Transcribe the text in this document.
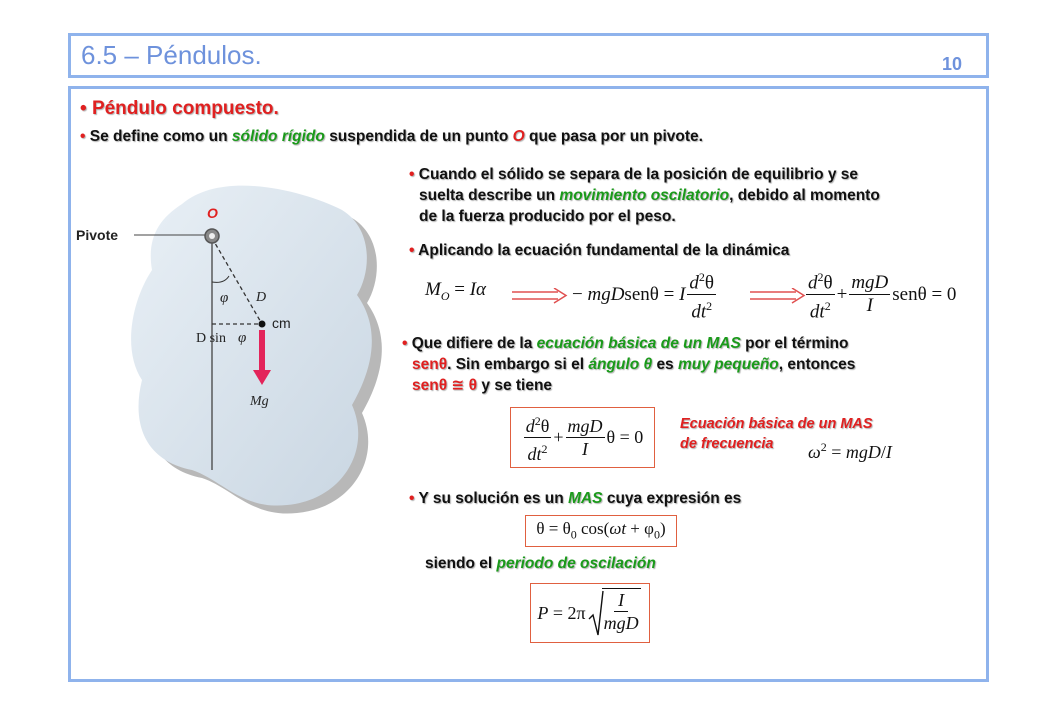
6.5 – Péndulos.	10
• Péndulo compuesto.
• Se define como un sólido rígido suspendida de un punto O que pasa por un pivote.
Pivote
O
φ D
cm
D sin φ
Mg
• Cuando el sólido se separa de la posición de equilibrio y se
suelta describe un movimiento oscilatorio, debido al momento
de la fuerza producido por el peso.
• Aplicando la ecuación fundamental de la dinámica
$M_O = I\alpha$	− mgDsenθ = I $\frac{d^2\theta}{dt^2}$	$\frac{d^2\theta}{dt^2} + \frac{\text{mgD}}{I}$ senθ = 0
• Que difiere de la ecuación básica de un MAS por el término
senθ. Sin embargo si el ángulo θ es muy pequeño, entonces
senθ ≅ θ y se tiene
$\frac{d^2\theta}{dt^2} + \frac{\text{mgD}}{I}$ θ = 0
Ecuación básica de un MAS
de frecuencia	$\omega^2 = mgD/I$
• Y su solución es un MAS cuya expresión es
$\theta = \theta_0$ $\cos(\omega t + \varphi_0)$
siendo el periodo de oscilación
$P = 2\pi \frac{I}{\text{mgD}}$
